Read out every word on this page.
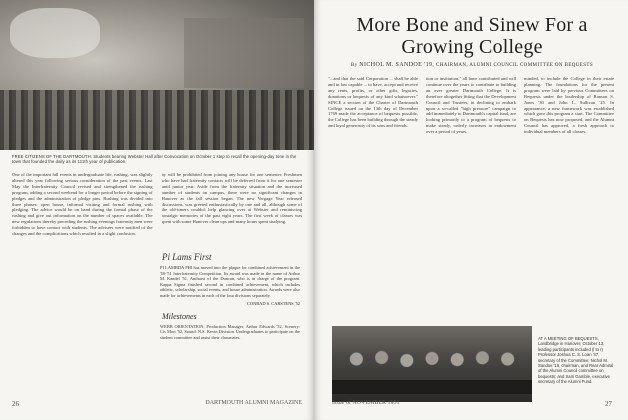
FREE CITIZENS OF THE DARTMOUTH: Students bearing Webster Hall after Convocation on October 1 step to recall the opening-day tone in the town that founded the daily as its 111th year of publication.
One of the important fall events in undergraduate life, rushing, was slightly altered this year following serious consideration of the past events. Last May the Interfraternity Council revised and strengthened the rushing program, adding a second weekend for a longer period before the signing of pledges and the administration of pledge pins. Rushing was divided into three phases: open house, informal visiting and formal rushing with pledging. The advice would be on hand during the formal phase of the rushing and give out information on the number of spaces available. The new regulations thereby preceding the rushing evenings fraternity men were forbidden to have contact with students. The advisers were notified of the changes and the complications which resulted in a slight confusion.
by will be prohibited from joining any house for one semester. Freshmen who have had fraternity contacts will be deferred from it for one semester until junior year. Aside from the fraternity situation and the increased number of students on campus, there were no significant changes in Hanover as the fall session began. The new Vergage Year released discussions, was greeted enthusiastically by one and all, although some of the old-timers couldn't help glancing over at Webster and reminiscing nostalgic memories of the past eight years. The first week of classes was spent with some Hanover clean ups and many hours spent studying.
Pi Lams First
PI LAMBDA PHI has moved into the plaque for combined achievement in the '50-'51 Interfraternity Competition. Its award was made in the name of Arthur M. Kandel '51, Amhurst of the Duncan, who is in charge of the program. Kappa Sigma finished second in combined achievement, which includes athletic, scholarship, social events, and house administration. Awards were also made for achievements in each of the four divisions separately.
CONRAD S. CARSTENS '52
Milestones
WEBB ORIENTATION, Production Manager, Arthur Edwards '52, Scenery: Cis Mort '52, Sound: N.S. Kevin Division. Undergraduates to participate on the student committee and assist their classmates.
26	DARTMOUTH ALUMNI MAGAZINE
More Bone and Sinew For a Growing College
By NICHOL M. SANDOE '19, CHAIRMAN, ALUMNI COUNCIL COMMITTEE ON BEQUESTS
"...and that the said Corporation ... shall be able and in law capable ... to have, accept and receive any rents, profits, or other gifts, legacies, donations or bequests of any kind whatsoever." SINCE a section of the Charter of Dartmouth College issued on the 13th day of December 1769 made the acceptance of bequests possible, the College has been building through the steady and loyal generosity of its sons and friends.
tion or institution," all have contributed and will continue over the years to contribute to building an ever greater Dartmouth College. It is therefore altogether fitting that the Development Council and Trustees, in declining to embark upon a so-called "high pressure" campaign to add immediately to Dartmouth's capital fund, are looking primarily to a program of bequests to make steady, orderly increases in endowment over a period of years.
minded, to include the College in their estate planning. The foundations for the present program were laid by previous Committees on Bequests under the leadership of Ranson S. Jones '30 and John L. Sullivan '25. In appearance, a new framework was established which gave this program a start. The Committee on Bequests has now proposed, and the Alumni Council has approved, a fresh approach to individual members of all classes.
AT A MEETING OF BEQUESTS, Landbridge in Hanover, October 13, leading participants included (l to r) Professor Joshua C. S. Loan '47, secretary of the Committee; Nichol M. Sandoe '19, chairman, and Rear Admiral of the Alumni Council committee on bequests; and Sam Gamble, executive secretary of the Alumni Fund.
Issue of NOVEMBER 1951	27
